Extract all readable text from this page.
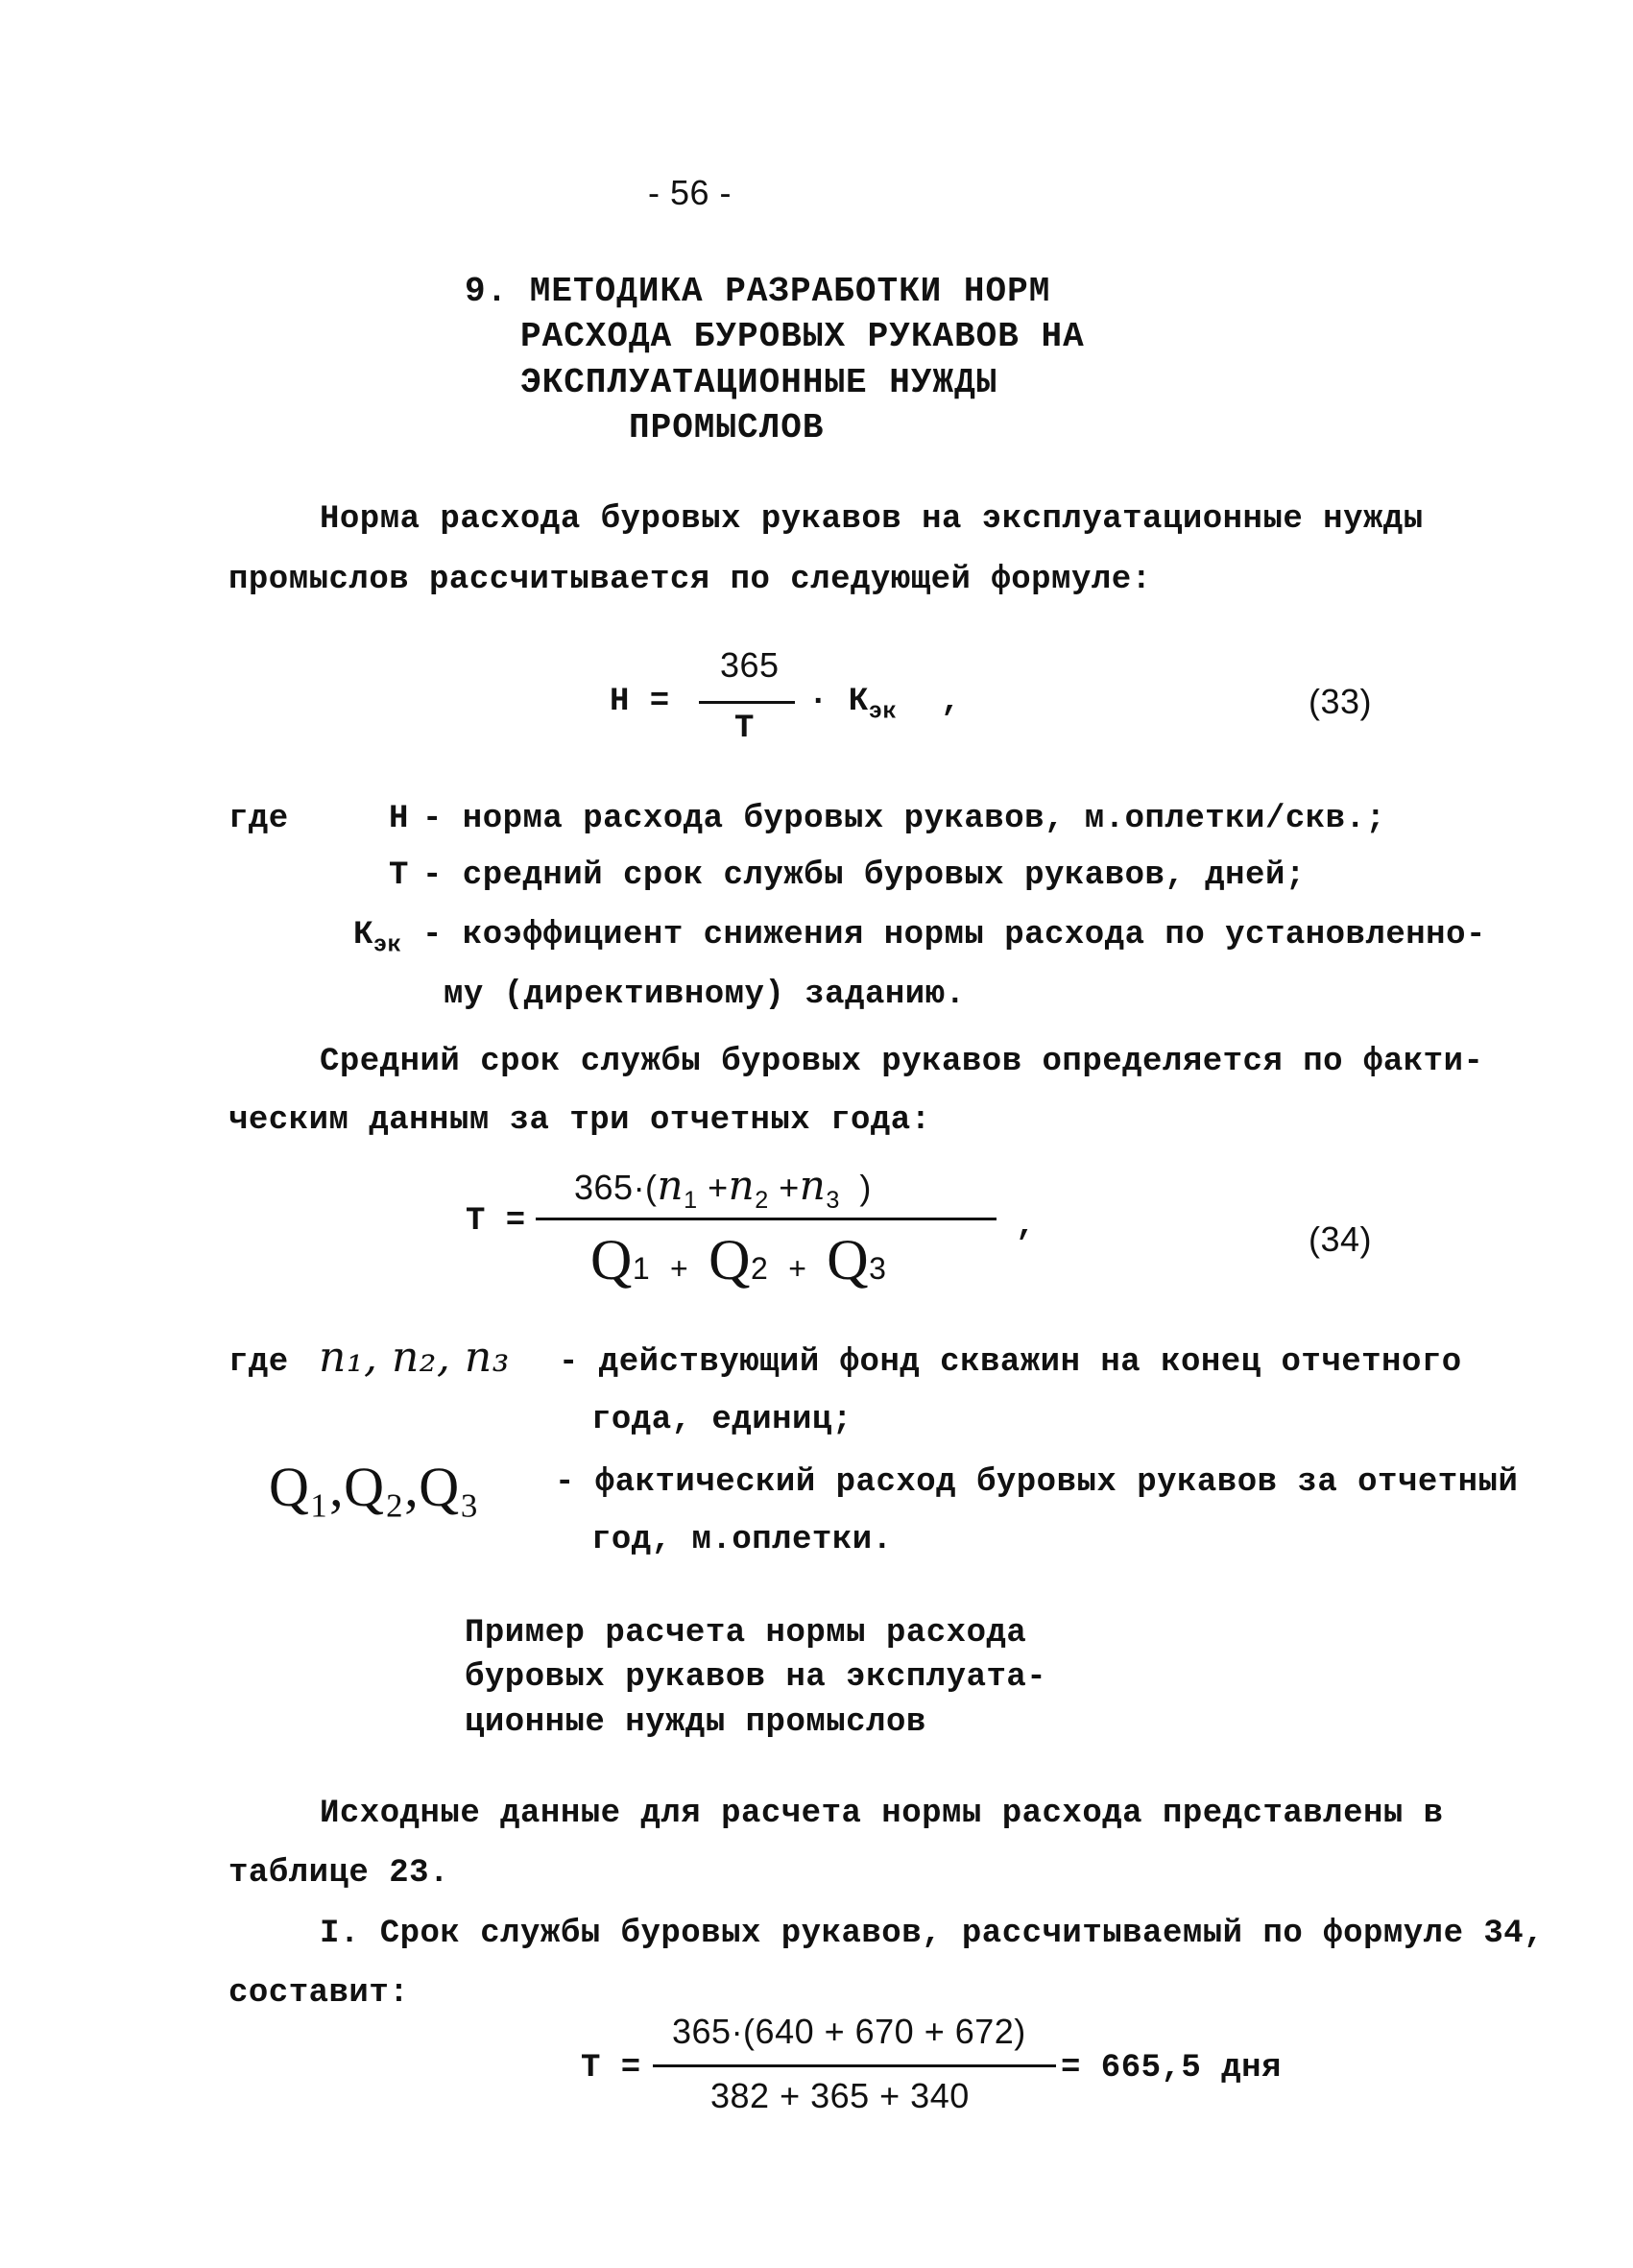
- 56 -
9. МЕТОДИКА РАЗРАБОТКИ НОРМ
РАСХОДА БУРОВЫХ РУКАВОВ НА
ЭКСПЛУАТАЦИОННЫЕ НУЖДЫ
ПРОМЫСЛОВ
Норма расхода буровых рукавов на эксплуатационные нужды
промыслов рассчитывается по следующей формуле:
Н =
365
Т
· $К_{эк}$ ,	(33)
где	Н - норма расхода буровых рукавов, м.оплетки/скв.;
Т - средний срок службы буровых рукавов, дней;
$К_{эк}$ - коэффициент снижения нормы расхода по установленно-
му (директивному) заданию.
Средний срок службы буровых рукавов определяется по факти-
ческим данным за три отчетных года:
Т =
$365\cdot(n_1 +n_2 +n_3$ )
Q1 + Q2 + Q3
,	(34)
где n₁, n₂, n₃ - действующий фонд скважин на конец отчетного
года, единиц;
Q₁,Q₂,Q₃ - фактический расход буровых рукавов за отчетный
год, м.оплетки.
Пример расчета нормы расхода
буровых рукавов на эксплуата-
ционные нужды промыслов
Исходные данные для расчета нормы расхода представлены в
таблице 23.
I. Срок службы буровых рукавов, рассчитываемый по формуле 34,
составит:
Т =
365·(640 + 670 + 672)
382 + 365 + 340
= 665,5 дня
